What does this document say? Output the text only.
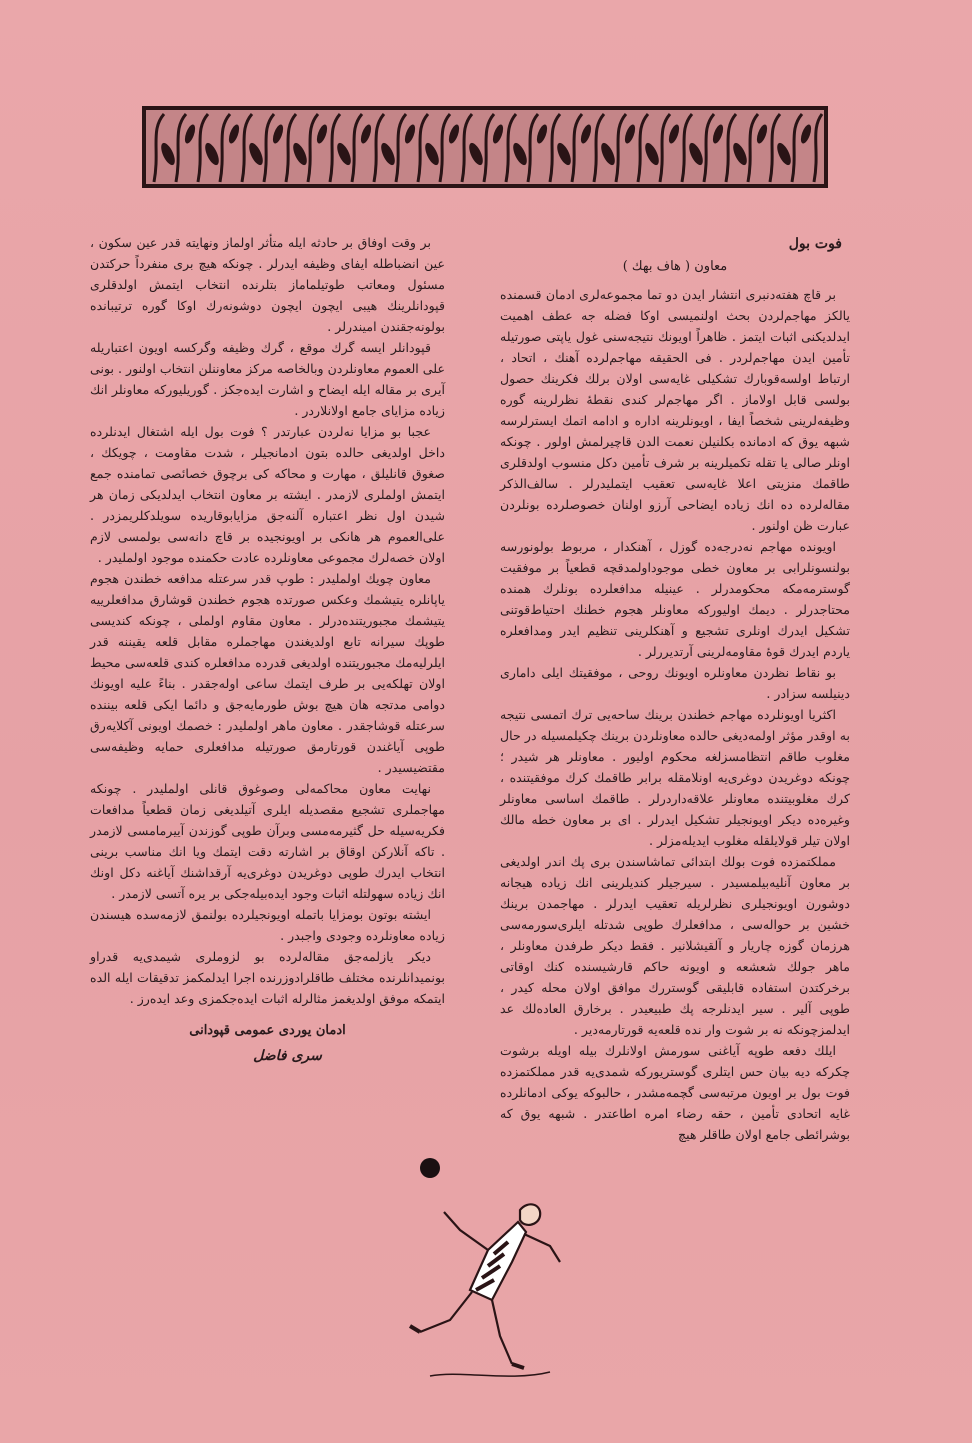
فوت بول
معاون ( هاف بهك )

بر قاچ هفته‌دنبری انتشار ایدن دو تما مجموعه‌لری ادمان قسمنده یالکز مهاجم‌لردن بحث اولنمیسی اوکا فضله جه عطف اهمیت ایدلدیکنی اثبات ایتمز . ظاهراً اویونك نتیجه‌سنی غول یاپتی صورتیله تأمین ایدن مهاجم‌لردر . فی الحقیقه مهاجم‌لرده آهنك ، اتحاد ، ارتباط اولسه‌قوبارك تشکیلی غایه‌سی اولان برلك فکرینك حصول بولسی قابل اولاماز . اگر مهاجم‌لر کندی نقطهٔ نظرلرینه گوره وظیفه‌لرینی شخصاً ایفا ، اویونلرینه اداره و ادامه اتمك ایسترلرسه شبهه یوق که ادمانده بکلنیلن نعمت الدن قاچیرلمش اولور . چونکه اونلر صالی یا تقله تکمیلرینه بر شرف تأمین دکل منسوب اولدقلری طاقمك منزیتی اعلا غایه‌سی تعقیب ایتملیدرلر . سالف‌الذکر مقاله‌لرده ده انك زیاده ایضاحی آرزو اولنان خصوصلرده بونلردن عبارت ظن اولنور .

اویونده مهاجم نه‌درجه‌ده گوزل ، آهنکدار ، مربوط بولونورسه بولنسونلرابی بر معاون خطی موجوداولمدقچه قطعیاً بر موفقیت گوسترمه‌مکه محکومدرلر . عینیله مدافعلرده بونلرك همنده محتاجدرلر . دیمك اولیورکه معاونلر هجوم خطنك احتیاط‌قوتنی تشکیل ایدرك اونلری تشجیع و آهنکلرینی تنظیم ایدر ومدافعلره یاردم ایدرك قوهٔ مقاومه‌لرینی آرتدیررلر .

بو نقاط نظردن معاونلره اویونك روحی ، موفقیتك ایلی داماری دینیلسه سزادر .

اکثریا اویونلرده مهاجم خطندن برینك ساحه‌یی ترك اتمسی نتیجه‌ به اوقدر مؤثر اولمه‌دیغی حالده معاونلردن برینك چکیلمسیله در حال مغلوب طاقم انتظامسزلغه محکوم اولیور . معاونلر هر شیدر ؛ چونکه دوغریدن دوغری‌یه اونلامقله برابر طاقمك کرك موفقیتنده ، کرك مغلوبیتنده معاونلر علاقه‌داردرلر . طاقمك اساسی معاونلر وغیره‌ده دیکر اویونجیلر تشکیل ایدرلر . ای بر معاون خطه مالك اولان تیلر قولایلقله مغلوب ایدیله‌مزلر .

مملکتمزده فوت بولك ابتدائی تماشاسندن بری پك اندر اولدیغی بر معاون آنلیه‌بیلمسیدر . سیرجیلر کندیلرینی انك زیاده هیجانه دوشورن اویونجیلری نظرلریله تعقیب ایدرلر . مهاجمدن برینك خشین بر حواله‌سی ، مدافعلرك طوپی شدتله ایلری‌سورمه‌سی هرزمان گوزه چاریار و آلقیشلانیر . فقط دیکر طرفدن معاونلر ، ماهر جولك شعشعه و اویونه حاکم قارشیسنده کنك اوقاتی برخرکتدن استفاده قابلیقی گوستررك موافق اولان محله کیدر ، طوپی آلیر . سیر ایدنلرجه پك طبیعیدر . برخارق العاده‌لك عد ایدلمزچونکه نه بر شوت وار نده قلعه‌یه قورتارمه‌دیر .

ایلك دفعه طوپه آیاغنی سورمش اولانلرك بیله اویله برشوت چکرکه دیه بیان حس ایتلری گوستریورکه شمدی‌یه قدر مملکتمزده فوت بول بر اویون مرتبه‌سی گچمه‌مشدر ، حالبوکه یوکی ادمانلرده غایه اتحادی تأمین ، حقه رضاء امره اطاعتدر . شبهه یوق که بوشرائطی جامع اولان طاقلر هیچ

بر وقت اوفاق بر حادثه ایله متأثر اولماز ونهایته قدر عین سکون ، عین انضباطله ایفای وظیفه ایدرلر . چونکه هیچ بری منفرداً حرکتدن مسئول ومعاتب طوتیلماماز بتلرنده انتخاب ایتمش اولدقلری قپودانلرینك هیبی ایچون ایچون دوشونه‌رك اوکا گوره ترتیبانده بولونه‌جقندن امیندرلر .

قپودانلر ایسه گرك موقع ، گرك وظیفه وگرکسه اویون اعتباریله علی العموم معاونلردن وبالخاصه مرکز معاوننلن انتخاب اولنور . بونی آیری بر مقاله ایله ایضاح و اشارت ایده‌جکز . گوریلیورکه معاونلر انك زیاده مزایای جامع اولانلاردر .

عجبا بو مزایا نه‌لردن عبارتدر ؟ فوت بول ایله اشتغال ایدنلرده داخل اولدیغی حالده بتون ادمانجیلر ، شدت مقاومت ، چویکك ، صغوق قانلیلق ، مهارت و محاکه کی برچوق خصائصی تمامنده جمع ایتمش اولملری لازمدر . ایشته بر معاون انتخاب ایدلدیکی زمان هر شیدن اول نظر اعتباره آلنه‌جق مزایابوقاریده سویلدکلریمزدر . علی‌العموم هر هانکی بر اویونجیده بر قاچ دانه‌سی بولمسی لازم اولان خصه‌لرك مجموعی معاونلرده عادت حکمنده موجود اولملیدر .

معاون چویك اولملیدر : طوپ قدر سرعتله مدافعه خطندن هجوم یاپانلره یتیشمك وعکس صورتده هجوم خطندن قوشارق مدافعلرییه‌ یتیشمك مجبوریتنده‌درلر . معاون مقاوم اولملی ، چونکه کندیسی طوپك سیرانه تابع اولدیغندن مهاجملره مقابل قلعه یقیننه قدر ایلرلیه‌مك مجبوریتنده اولدیغی قدرده مدافعلره کندی قلعه‌سی محیط اولان تهلکه‌یی بر طرف ایتمك ساعی اوله‌جقدر . بناءً علیه اویونك دوامی مدتجه هان هیچ بوش طورمایه‌جق و دائما ایکی قلعه بیننده سرعتله قوشاجقدر . معاون ماهر اولملیدر : خصمك اویونی آکلایه‌رق طوپی آیاغندن قورتارمق صورتیله مدافعلری حمایه وظیفه‌سی مقتضیسیدر .

نهایت معاون محاکمه‌لی وصوغوق قانلی اولملیدر . چونکه مهاجملری تشجیع مقصدیله ایلری آتیلدیغی زمان قطعیاً مدافعات فکریه‌سیله حل گثیرمه‌مسی وبرآن طوپی گوزندن آییرمامسی لازمدر . تاکه آنلارکن اوقاق بر اشارته دقت ایتمك ویا انك مناسب برینی انتخاب ایدرك طوپی دوغریدن دوغری‌یه آرقداشنك آیاغنه دکل اونك انك زیاده سهولتله اثبات وجود ایده‌بیله‌جکی بر یره آتسی لازمدر .

ایشته بوتون بومزایا باتمله اویونجیلرده بولنمق لازمه‌سده هیسندن زیاده معاونلرده وجودی واجبدر .

دیکر یازلمه‌جق مقاله‌لرده بو لزوملری شیمدی‌یه قدراو بونمیدانلرنده مختلف طاقلرادوزرنده اجرا ایدلمکمز تدقیقات ایله الده ایتمکه موفق اولدیغمز مثالرله اثبات ایده‌جکمزی وعد ایده‌رز .

ادمان یوردی عمومی قپودانی
سری فاضل
